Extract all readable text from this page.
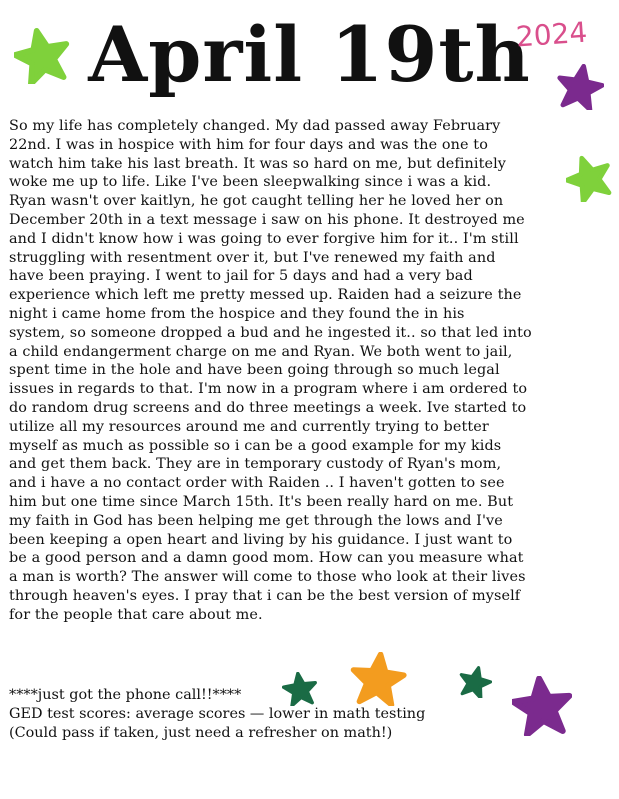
April 19th
2024
So my life has completely changed. My dad passed away February
22nd. I was in hospice with him for four days and was the one to
watch him take his last breath. It was so hard on me, but definitely
woke me up to life. Like I've been sleepwalking since i was a kid.
Ryan wasn't over kaitlyn, he got caught telling her he loved her on
December 20th in a text message i saw on his phone. It destroyed me
and I didn't know how i was going to ever forgive him for it.. I'm still
struggling with resentment over it, but I've renewed my faith and
have been praying. I went to jail for 5 days and had a very bad
experience which left me pretty messed up. Raiden had a seizure the
night i came home from the hospice and they found the in his
system, so someone dropped a bud and he ingested it.. so that led into
a child endangerment charge on me and Ryan. We both went to jail,
spent time in the hole and have been going through so much legal
issues in regards to that. I'm now in a program where i am ordered to
do random drug screens and do three meetings a week. Ive started to
utilize all my resources around me and currently trying to better
myself as much as possible so i can be a good example for my kids
and get them back. They are in temporary custody of Ryan's mom,
and i have a no contact order with Raiden .. I haven't gotten to see
him but one time since March 15th. It's been really hard on me. But
my faith in God has been helping me get through the lows and I've
been keeping a open heart and living by his guidance. I just want to
be a good person and a damn good mom. How can you measure what
a man is worth? The answer will come to those who look at their lives
through heaven's eyes. I pray that i can be the best version of myself
for the people that care about me.
****just got the phone call!!****
GED test scores: average scores — lower in math testing
(Could pass if taken, just need a refresher on math!)
